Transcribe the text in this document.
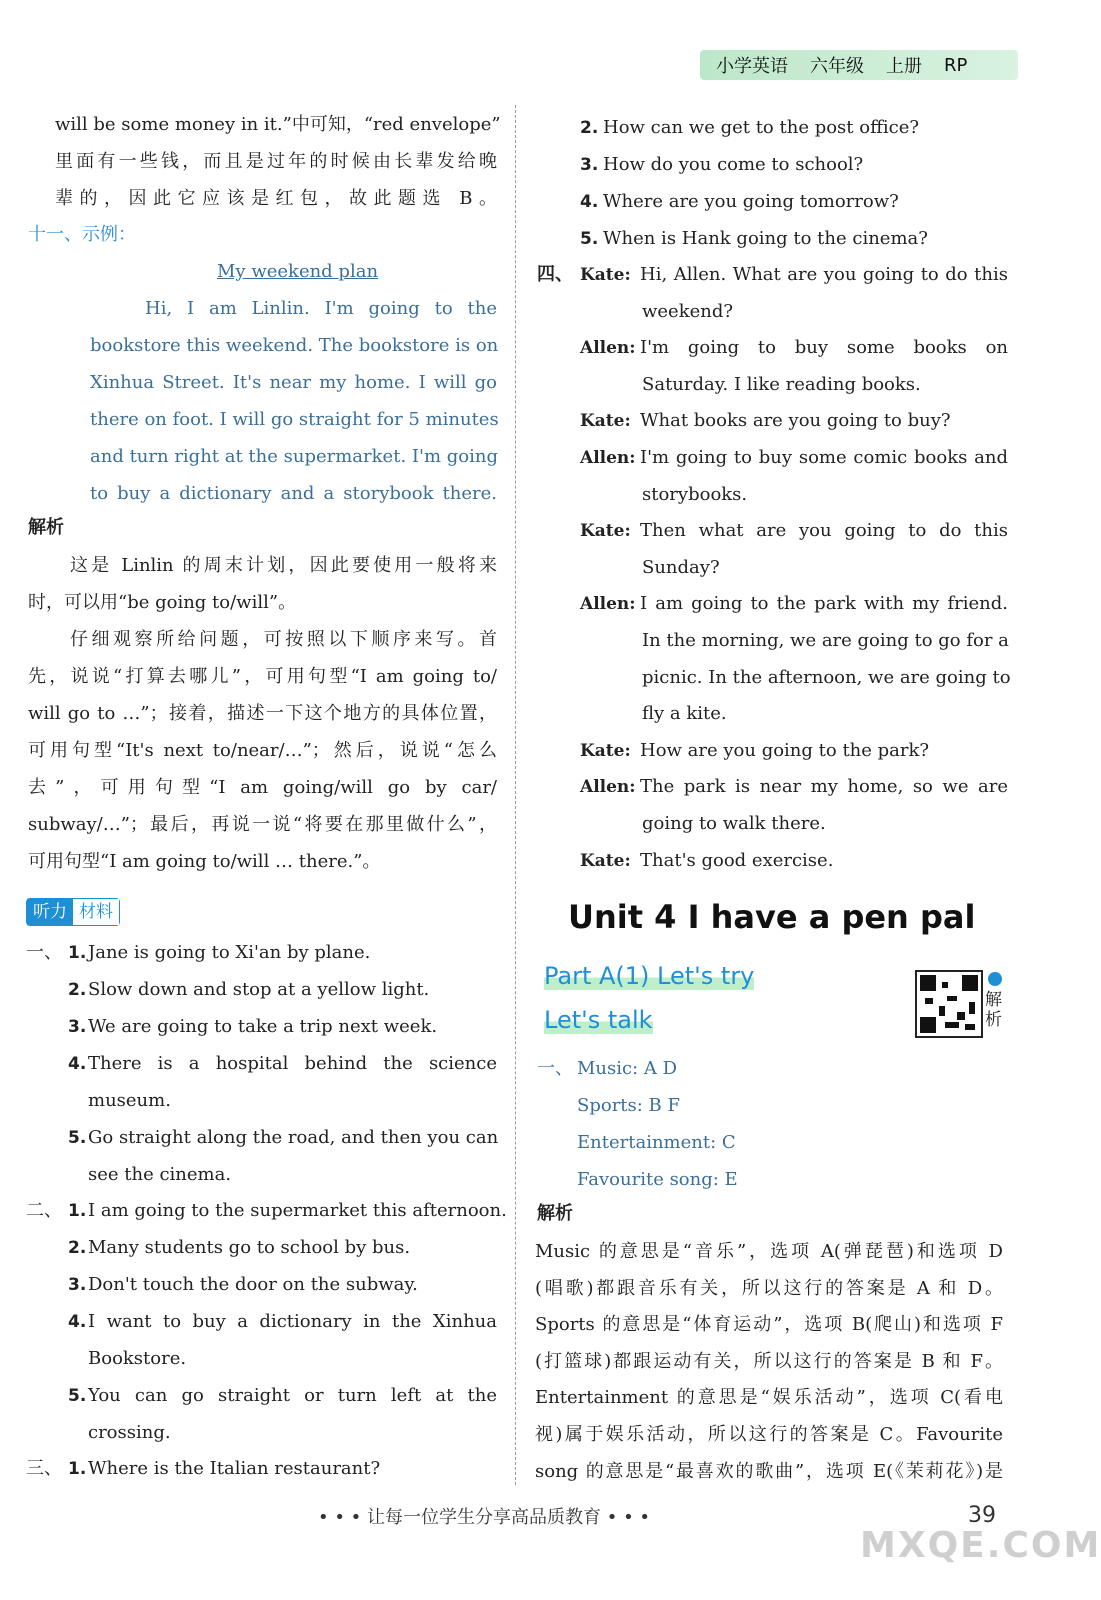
小学英语 六年级 上册 RP
will be some money in it.”中可知，“red envelope”
里面有一些钱，而且是过年的时候由长辈发给晚
辈的，因此它应该是红包，故此题选 B。
十一、示例：
My weekend plan
Hi, I am Linlin. I'm going to the
bookstore this weekend. The bookstore is on
Xinhua Street. It's near my home. I will go
there on foot. I will go straight for 5 minutes
and turn right at the supermarket. I'm going
to buy a dictionary and a storybook there.
解析
这是 Linlin 的周末计划，因此要使用一般将来
时，可以用“be going to/will”。
仔细观察所给问题，可按照以下顺序来写。首
先，说说“打算去哪儿”，可用句型“I am going to/
will go to …”；接着，描述一下这个地方的具体位置，
可用句型“It's next to/near/…”；然后，说说“怎么
去”，可用句型“I am going/will go by car/
subway/…”；最后，再说一说“将要在那里做什么”，
可用句型“I am going to/will … there.”。
一、 1. Jane is going to Xi'an by plane.
2. Slow down and stop at a yellow light.
3. We are going to take a trip next week.
4. There is a hospital behind the science
museum.
5. Go straight along the road, and then you can
see the cinema.
二、 1. I am going to the supermarket this afternoon.
2. Many students go to school by bus.
3. Don't touch the door on the subway.
4. I want to buy a dictionary in the Xinhua
Bookstore.
5. You can go straight or turn left at the
crossing.
三、 1. Where is the Italian restaurant?
听力 材料
2. How can we get to the post office?
3. How do you come to school?
4. Where are you going tomorrow?
5. When is Hank going to the cinema?
四、 Kate: Hi, Allen. What are you going to do this
weekend?
Allen: I'm going to buy some books on
Saturday. I like reading books.
Kate: What books are you going to buy?
Allen: I'm going to buy some comic books and
storybooks.
Kate: Then what are you going to do this
Sunday?
Allen: I am going to the park with my friend.
In the morning, we are going to go for a
picnic. In the afternoon, we are going to
fly a kite.
Kate: How are you going to the park?
Allen: The park is near my home, so we are
going to walk there.
Kate: That's good exercise.
一、 Music: A D
Sports: B F
Entertainment: C
Favourite song: E
解析
Music 的意思是“音乐”，选项 A(弹琵琶)和选项 D
(唱歌)都跟音乐有关，所以这行的答案是 A 和 D。
Sports 的意思是“体育运动”，选项 B(爬山)和选项 F
(打篮球)都跟运动有关，所以这行的答案是 B 和 F。
Entertainment 的意思是“娱乐活动”，选项 C(看电
视)属于娱乐活动，所以这行的答案是 C。Favourite
song 的意思是“最喜欢的歌曲”，选项 E(《茉莉花》)是
Unit 4 I have a pen pal
Part A(1) Let's try
Let's talk
解
析
• • • 让每一位学生分享高品质教育 • • •	39
MXQE.COM
